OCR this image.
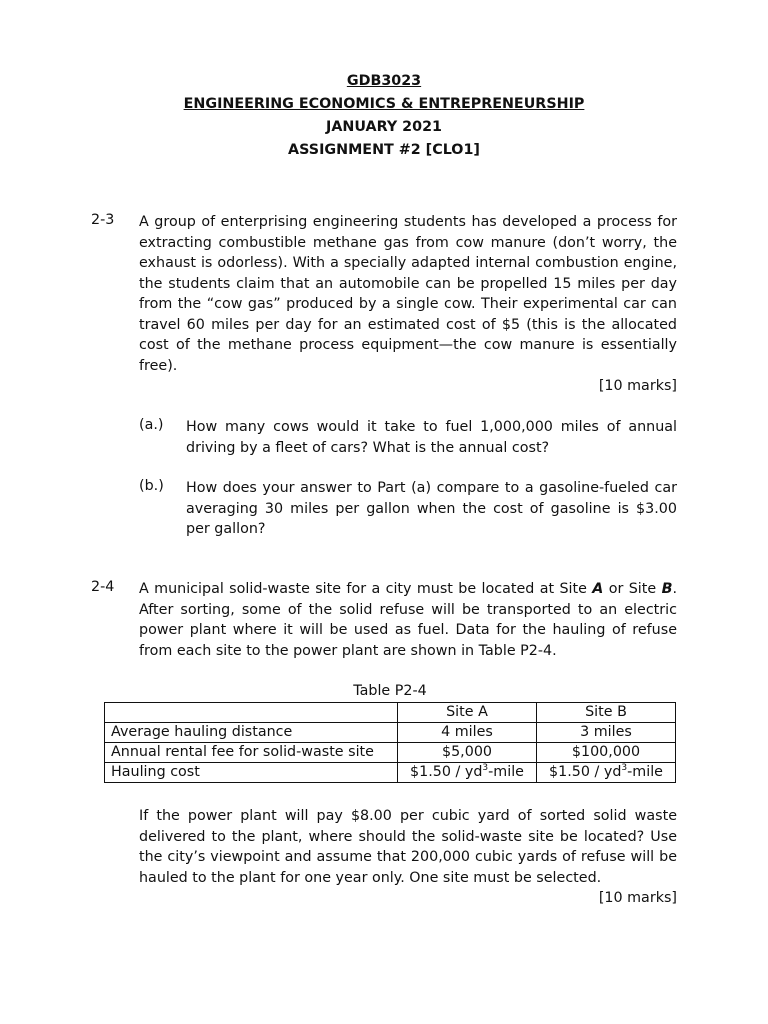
GDB3023
ENGINEERING ECONOMICS & ENTREPRENEURSHIP
JANUARY 2021
ASSIGNMENT #2 [CLO1]
2-3 A group of enterprising engineering students has developed a process for extracting combustible methane gas from cow manure (don’t worry, the exhaust is odorless). With a specially adapted internal combustion engine, the students claim that an automobile can be propelled 15 miles per day from the “cow gas” produced by a single cow. Their experimental car can travel 60 miles per day for an estimated cost of $5 (this is the allocated cost of the methane process equipment—the cow manure is essentially free).
[10 marks]
(a.) How many cows would it take to fuel 1,000,000 miles of annual driving by a fleet of cars? What is the annual cost?
(b.) How does your answer to Part (a) compare to a gasoline-fueled car averaging 30 miles per gallon when the cost of gasoline is $3.00 per gallon?
2-4 A municipal solid-waste site for a city must be located at Site A or Site B. After sorting, some of the solid refuse will be transported to an electric power plant where it will be used as fuel. Data for the hauling of refuse from each site to the power plant are shown in Table P2-4.
Table P2-4
	Site A	Site B
Average hauling distance	4 miles	3 miles
Annual rental fee for solid-waste site	$5,000	$100,000
Hauling cost	$1.50 / $yd^3$-mile	$1.50 / $yd^3$-mile
If the power plant will pay $8.00 per cubic yard of sorted solid waste delivered to the plant, where should the solid-waste site be located? Use the city’s viewpoint and assume that 200,000 cubic yards of refuse will be hauled to the plant for one year only. One site must be selected.
[10 marks]
